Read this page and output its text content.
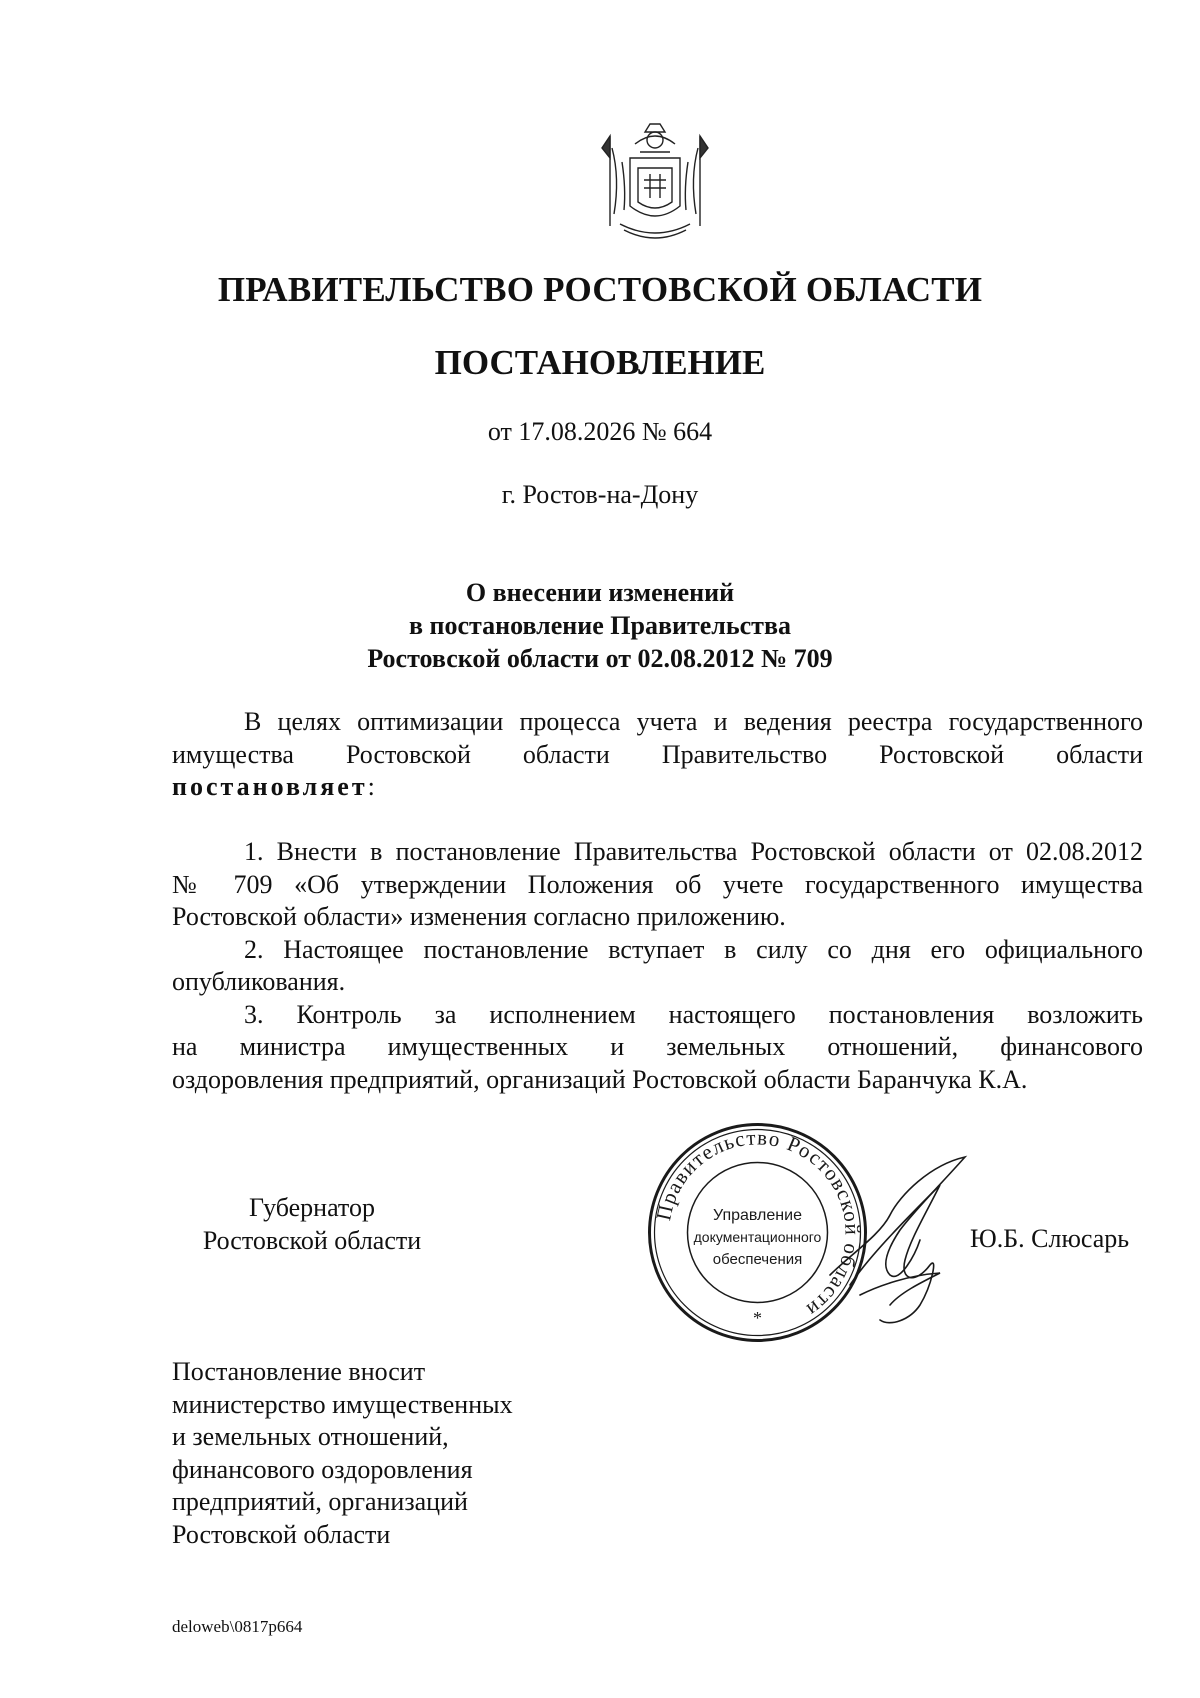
ПРАВИТЕЛЬСТВО РОСТОВСКОЙ ОБЛАСТИ
ПОСТАНОВЛЕНИЕ
от 17.08.2026 № 664
г. Ростов-на-Дону
О внесении изменений
в постановление Правительства
Ростовской области от 02.08.2012 № 709
В целях оптимизации процесса учета и ведения реестра государственного
имущества Ростовской области Правительство Ростовской области
постановляет:
1. Внести в постановление Правительства Ростовской области от 02.08.2012
№ 709 «Об утверждении Положения об учете государственного имущества
Ростовской области» изменения согласно приложению.
2. Настоящее постановление вступает в силу со дня его официального
опубликования.
3. Контроль за исполнением настоящего постановления возложить
на министра имущественных и земельных отношений, финансового
оздоровления предприятий, организаций Ростовской области Баранчука К.А.
Губернатор
Ростовской области
Правительство Ростовской области
Управление
документационного
обеспечения
*
Ю.Б. Слюсарь
Постановление вносит
министерство имущественных
и земельных отношений,
финансового оздоровления
предприятий, организаций
Ростовской области
deloweb\0817p664
